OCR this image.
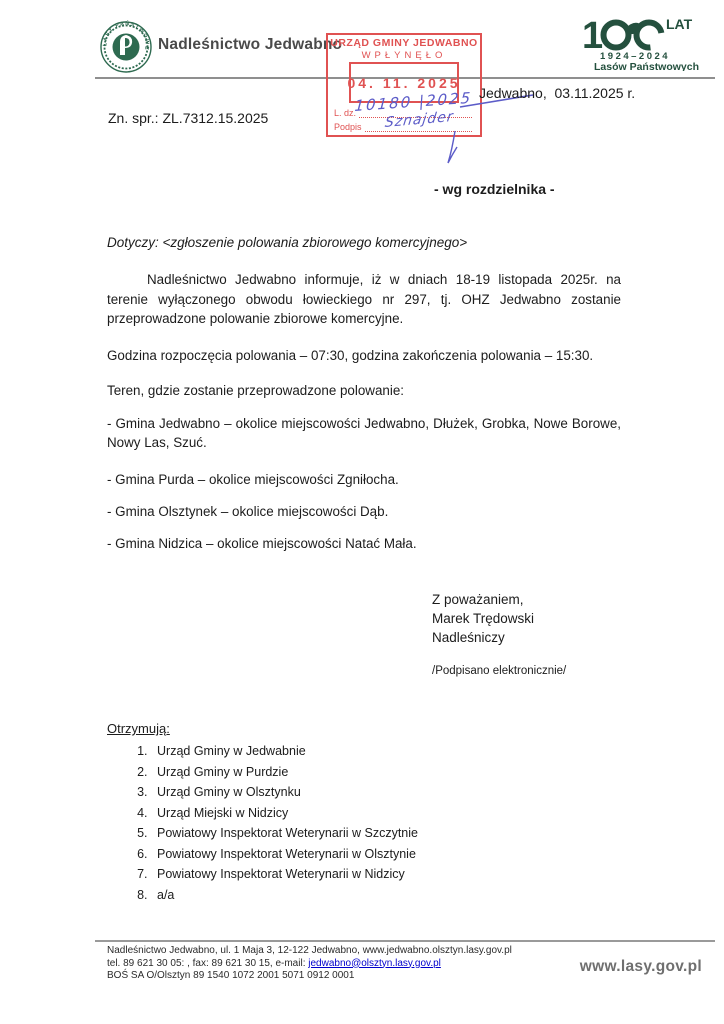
LASY PAŃSTWOWE Nadleśnictwo Jedwabno	1	LAT
1924–2024
Lasów Państwowych
URZĄD GMINY JEDWABNO
WPŁYNĘŁO
04. 11. 2025
L. dz.
Podpis
10180 |2025
Sznajder
Jedwabno,  03.11.2025 r.
Zn. spr.: ZL.7312.15.2025
- wg rozdzielnika -
Dotyczy: <zgłoszenie polowania zbiorowego komercyjnego>

Nadleśnictwo Jedwabno informuje, iż w dniach 18-19 listopada 2025r. na terenie wyłączonego obwodu łowieckiego nr 297, tj. OHZ Jedwabno zostanie przeprowadzone polowanie zbiorowe komercyjne.

Godzina rozpoczęcia polowania – 07:30, godzina zakończenia polowania – 15:30.

Teren, gdzie zostanie przeprowadzone polowanie:

- Gmina Jedwabno – okolice miejscowości Jedwabno, Dłużek, Grobka, Nowe Borowe, Nowy Las, Szuć.

- Gmina Purda – okolice miejscowości Zgniłocha.

- Gmina Olsztynek – okolice miejscowości Dąb.

- Gmina Nidzica – okolice miejscowości Natać Mała.

Z poważaniem,
Marek Trędowski
Nadleśniczy
/Podpisano elektronicznie/
Otrzymują:
1. Urząd Gminy w Jedwabnie
2. Urząd Gminy w Purdzie
3. Urząd Gminy w Olsztynku
4. Urząd Miejski w Nidzicy
5. Powiatowy Inspektorat Weterynarii w Szczytnie
6. Powiatowy Inspektorat Weterynarii w Olsztynie
7. Powiatowy Inspektorat Weterynarii w Nidzicy
8. a/a
Nadleśnictwo Jedwabno, ul. 1 Maja 3, 12-122 Jedwabno, www.jedwabno.olsztyn.lasy.gov.pl
tel. 89 621 30 05: , fax: 89 621 30 15, e-mail: jedwabno@olsztyn.lasy.gov.pl
BOŚ SA O/Olsztyn 89 1540 1072 2001 5071 0912 0001
www.lasy.gov.pl
